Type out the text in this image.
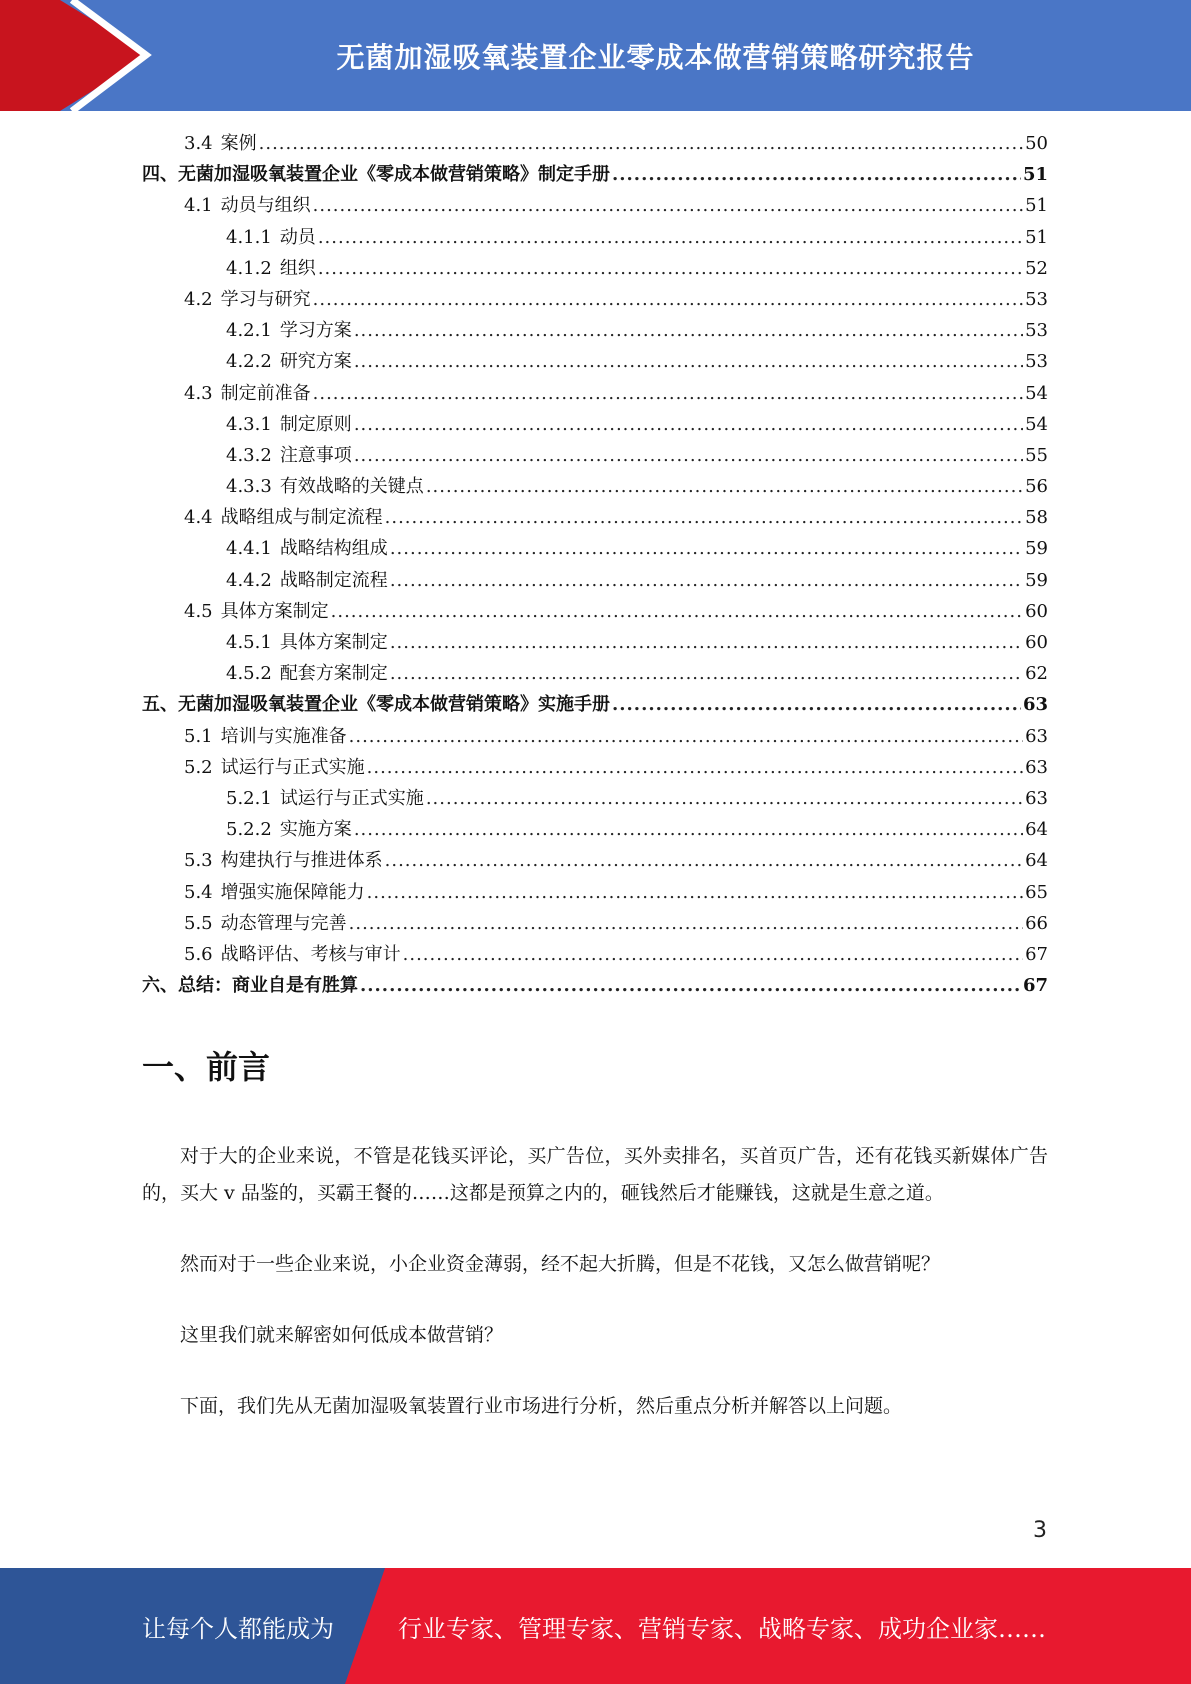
无菌加湿吸氧装置企业零成本做营销策略研究报告
3.4 案例 .....	50
四、无菌加湿吸氧装置企业《零成本做营销策略》制定手册 .....	51
4.1 动员与组织 .....	51
4.1.1 动员 .....	51
4.1.2 组织 .....	52
4.2 学习与研究 .....	53
4.2.1 学习方案 .....	53
4.2.2 研究方案 .....	53
4.3 制定前准备 .....	54
4.3.1 制定原则 .....	54
4.3.2 注意事项 .....	55
4.3.3 有效战略的关键点 .....	56
4.4 战略组成与制定流程 .....	58
4.4.1 战略结构组成 .....	59
4.4.2 战略制定流程 .....	59
4.5 具体方案制定 .....	60
4.5.1 具体方案制定 .....	60
4.5.2 配套方案制定 .....	62
五、无菌加湿吸氧装置企业《零成本做营销策略》实施手册 .....	63
5.1 培训与实施准备 .....	63
5.2 试运行与正式实施 .....	63
5.2.1 试运行与正式实施 .....	63
5.2.2 实施方案 .....	64
5.3 构建执行与推进体系 .....	64
5.4 增强实施保障能力 .....	65
5.5 动态管理与完善 .....	66
5.6 战略评估、考核与审计 .....	67
六、总结：商业自是有胜算 .....	67
一、前言

对于大的企业来说，不管是花钱买评论，买广告位，买外卖排名，买首页广告，还有花钱买新媒体广告的，买大 v 品鉴的，买霸王餐的……这都是预算之内的，砸钱然后才能赚钱，这就是生意之道。

然而对于一些企业来说，小企业资金薄弱，经不起大折腾，但是不花钱，又怎么做营销呢？

这里我们就来解密如何低成本做营销？

下面，我们先从无菌加湿吸氧装置行业市场进行分析，然后重点分析并解答以上问题。

3
让每个人都能成为	行业专家、管理专家、营销专家、战略专家、成功企业家……
